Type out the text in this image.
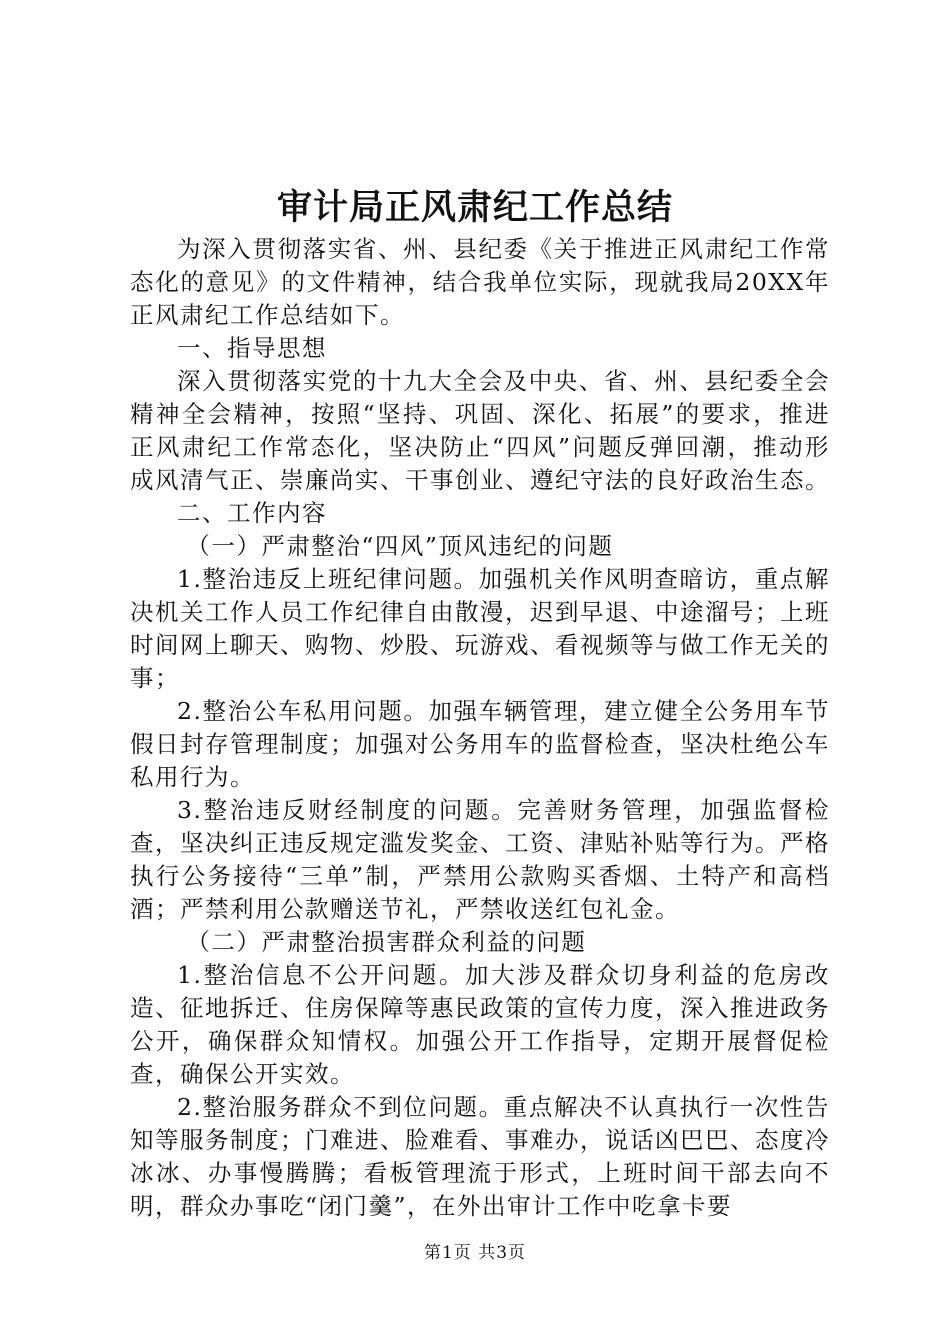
审计局正风肃纪工作总结

为深入贯彻落实省、州、县纪委《关于推进正风肃纪工作常态化的意见》的文件精神，结合我单位实际，现就我局20XX年正风肃纪工作总结如下。

一、指导思想

深入贯彻落实党的十九大全会及中央、省、州、县纪委全会精神全会精神，按照“坚持、巩固、深化、拓展”的要求，推进正风肃纪工作常态化，坚决防止“四风”问题反弹回潮，推动形成风清气正、崇廉尚实、干事创业、遵纪守法的良好政治生态。

二、工作内容

（一）严肃整治“四风”顶风违纪的问题

1.整治违反上班纪律问题。加强机关作风明查暗访，重点解决机关工作人员工作纪律自由散漫，迟到早退、中途溜号；上班时间网上聊天、购物、炒股、玩游戏、看视频等与做工作无关的事；

2.整治公车私用问题。加强车辆管理，建立健全公务用车节假日封存管理制度；加强对公务用车的监督检查，坚决杜绝公车私用行为。

3.整治违反财经制度的问题。完善财务管理，加强监督检查，坚决纠正违反规定滥发奖金、工资、津贴补贴等行为。严格执行公务接待“三单”制，严禁用公款购买香烟、土特产和高档酒；严禁利用公款赠送节礼，严禁收送红包礼金。

（二）严肃整治损害群众利益的问题

1.整治信息不公开问题。加大涉及群众切身利益的危房改造、征地拆迁、住房保障等惠民政策的宣传力度，深入推进政务公开，确保群众知情权。加强公开工作指导，定期开展督促检查，确保公开实效。

2.整治服务群众不到位问题。重点解决不认真执行一次性告知等服务制度；门难进、脸难看、事难办，说话凶巴巴、态度冷冰冰、办事慢腾腾；看板管理流于形式，上班时间干部去向不明，群众办事吃“闭门羹”，在外出审计工作中吃拿卡要

第1页 共3页
